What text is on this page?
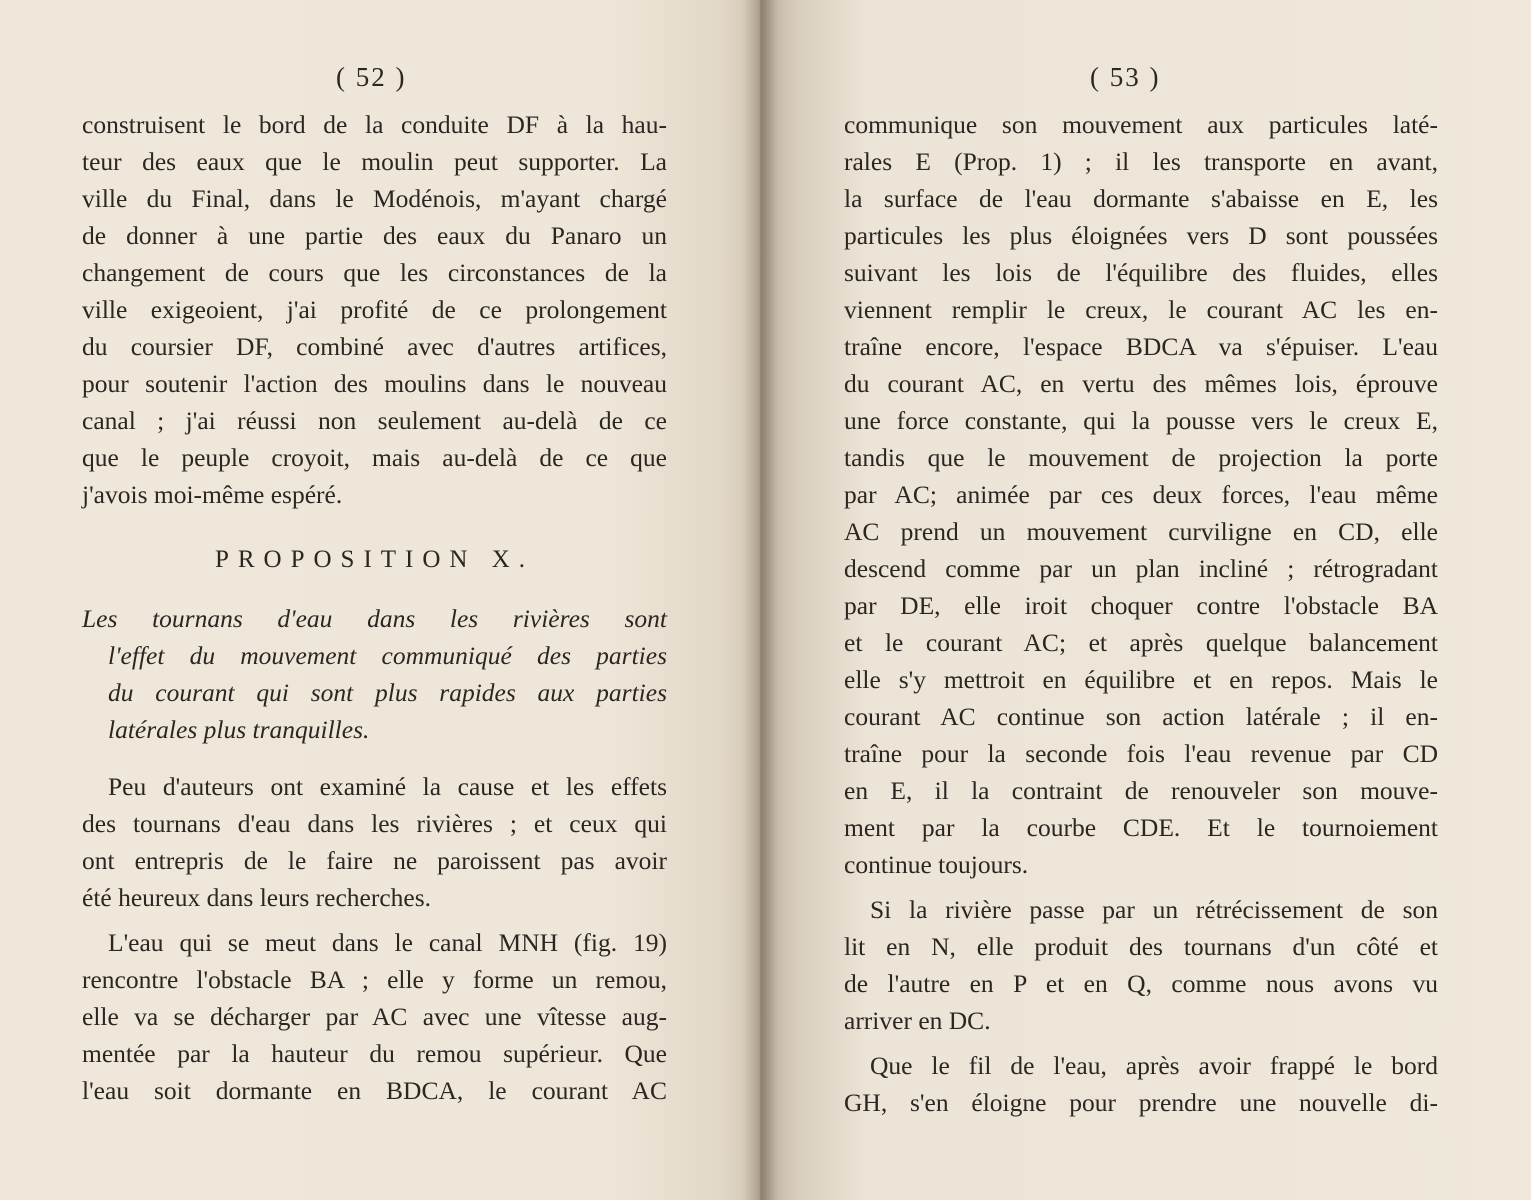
( 52 )
construisent le bord de la conduite DF à la hau-
teur des eaux que le moulin peut supporter. La
ville du Final, dans le Modénois, m'ayant chargé
de donner à une partie des eaux du Panaro un
changement de cours que les circonstances de la
ville exigeoient, j'ai profité de ce prolongement
du coursier DF, combiné avec d'autres artifices,
pour soutenir l'action des moulins dans le nouveau
canal ; j'ai réussi non seulement au-delà de ce
que le peuple croyoit, mais au-delà de ce que
j'avois moi-même espéré.
PROPOSITION X.
Les tournans d'eau dans les rivières sont
l'effet du mouvement communiqué des parties
du courant qui sont plus rapides aux parties
latérales plus tranquilles.
Peu d'auteurs ont examiné la cause et les effets
des tournans d'eau dans les rivières ; et ceux qui
ont entrepris de le faire ne paroissent pas avoir
été heureux dans leurs recherches.
L'eau qui se meut dans le canal MNH (fig. 19)
rencontre l'obstacle BA ; elle y forme un remou,
elle va se décharger par AC avec une vîtesse aug-
mentée par la hauteur du remou supérieur. Que
l'eau soit dormante en BDCA, le courant AC
( 53 )
communique son mouvement aux particules laté-
rales E (Prop. 1) ; il les transporte en avant,
la surface de l'eau dormante s'abaisse en E, les
particules les plus éloignées vers D sont poussées
suivant les lois de l'équilibre des fluides, elles
viennent remplir le creux, le courant AC les en-
traîne encore, l'espace BDCA va s'épuiser. L'eau
du courant AC, en vertu des mêmes lois, éprouve
une force constante, qui la pousse vers le creux E,
tandis que le mouvement de projection la porte
par AC; animée par ces deux forces, l'eau même
AC prend un mouvement curviligne en CD, elle
descend comme par un plan incliné ; rétrogradant
par DE, elle iroit choquer contre l'obstacle BA
et le courant AC; et après quelque balancement
elle s'y mettroit en équilibre et en repos. Mais le
courant AC continue son action latérale ; il en-
traîne pour la seconde fois l'eau revenue par CD
en E, il la contraint de renouveler son mouve-
ment par la courbe CDE. Et le tournoiement
continue toujours.
Si la rivière passe par un rétrécissement de son
lit en N, elle produit des tournans d'un côté et
de l'autre en P et en Q, comme nous avons vu
arriver en DC.
Que le fil de l'eau, après avoir frappé le bord
GH, s'en éloigne pour prendre une nouvelle di-
